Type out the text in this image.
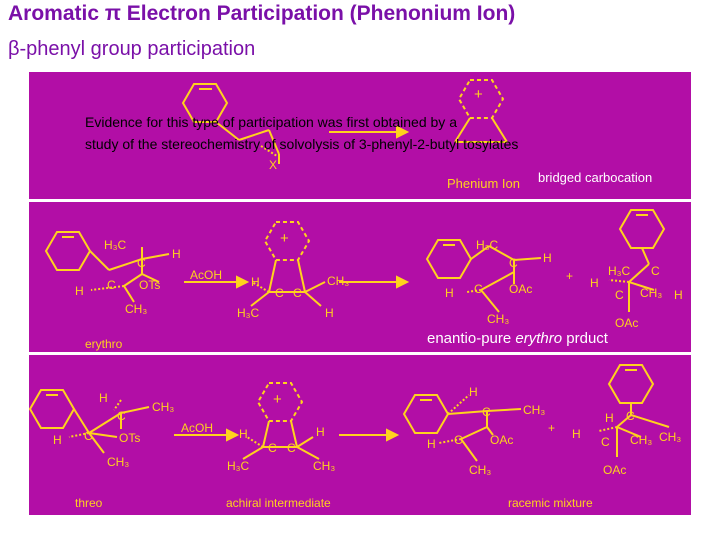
Aromatic π Electron Participation (Phenonium Ion)
β-phenyl group participation
+
Evidence for this type of participation was first obtained by a
study of the stereochemistry of solvolysis of 3-phenyl-2-butyl tosylates
X
Phenium Ion bridged carbocation
H₃C
H
C
H C OTs
CH₃
AcOH
+
H	CH₃
C C
H₃C	H
H₃C
C H
H C OAc
CH₃
+	H₃C C
H
C CH₃ H
OAc
erythro	enantio-pure erythro prduct
H
CH₃
C
H C OTs
CH₃
AcOH
+
H	H
C C
H₃C	CH₃
H
C	CH₃
H C OAc
CH₃
+
H C
H
C CH₃ CH₃
OAc
threo	achiral intermediate	racemic mixture
